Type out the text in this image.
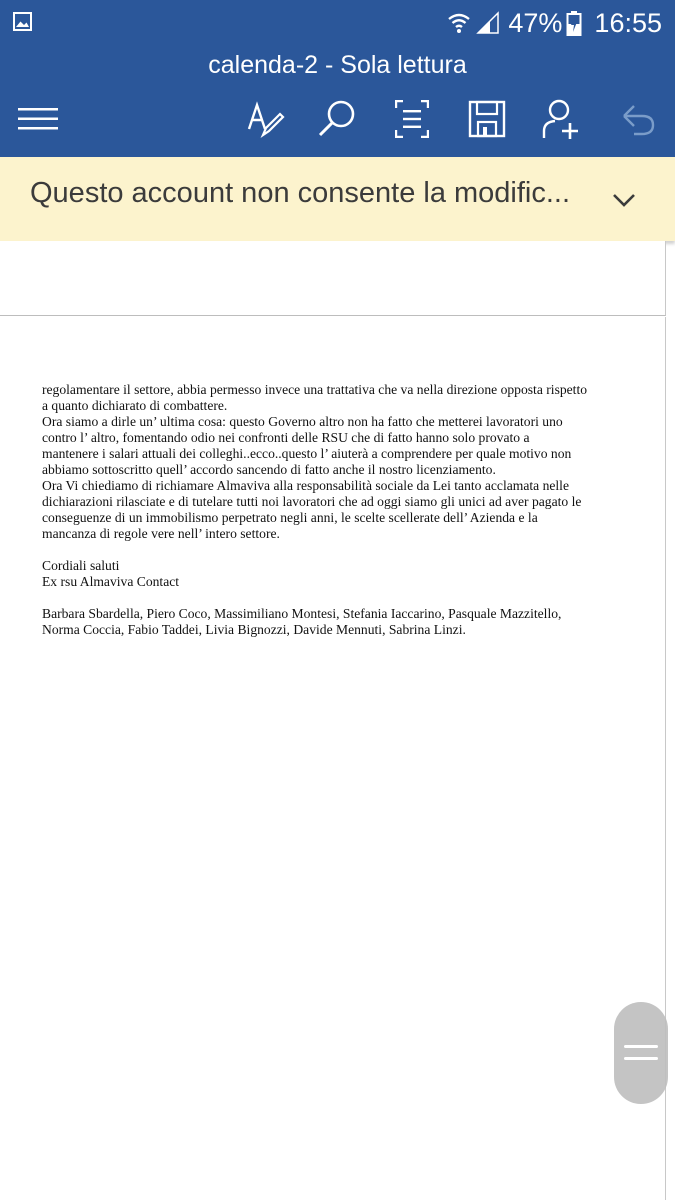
47% 16:55
calenda-2 - Sola lettura
Questo account non consente la modific...
regolamentare il settore, abbia permesso invece una trattativa che va nella direzione opposta rispetto
a quanto dichiarato di combattere.
Ora siamo a dirle un’ ultima cosa: questo Governo altro non ha fatto che metterei lavoratori uno
contro l’ altro, fomentando odio nei confronti delle RSU che di fatto hanno solo provato a
mantenere i salari attuali dei colleghi..ecco..questo l’ aiuterà a comprendere per quale motivo non
abbiamo sottoscritto quell’ accordo sancendo di fatto anche il nostro licenziamento.
Ora Vi chiediamo di richiamare Almaviva alla responsabilità sociale da Lei tanto acclamata nelle
dichiarazioni rilasciate e di tutelare tutti noi lavoratori che ad oggi siamo gli unici ad aver pagato le
conseguenze di un immobilismo perpetrato negli anni, le scelte scellerate dell’ Azienda e la
mancanza di regole vere nell’ intero settore.
Cordiali saluti
Ex rsu Almaviva Contact
Barbara Sbardella, Piero Coco, Massimiliano Montesi, Stefania Iaccarino, Pasquale Mazzitello,
Norma Coccia, Fabio Taddei, Livia Bignozzi, Davide Mennuti, Sabrina Linzi.
